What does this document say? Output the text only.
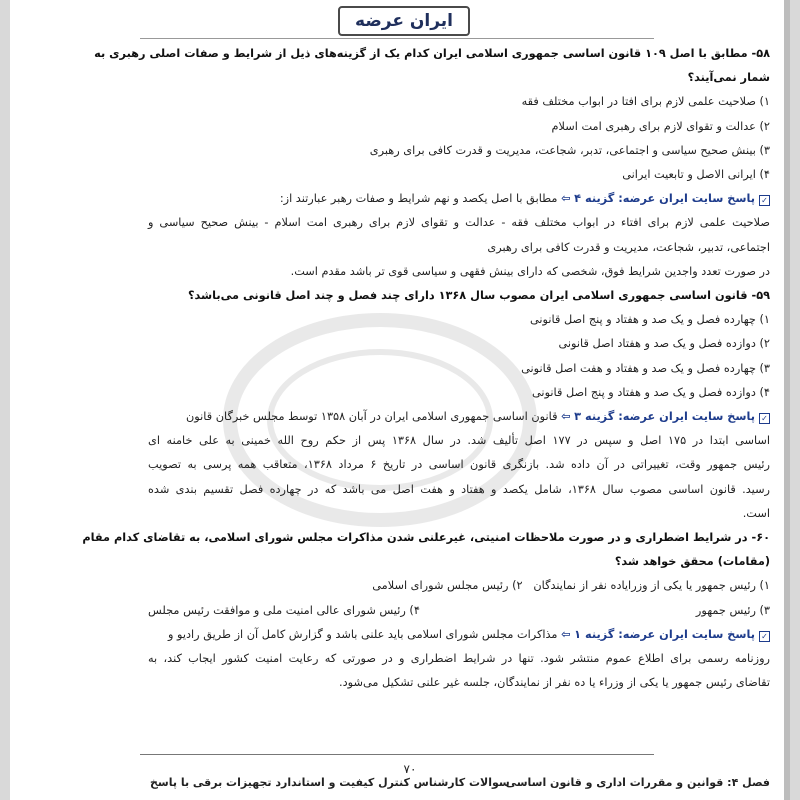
ایران عرضه
۵۸- مطابق با اصل ۱۰۹ قانون اساسی جمهوری اسلامی ایران کدام یک از گزینه‌های ذیل از شرایط و صفات اصلی رهبری به
شمار نمی‌آیند؟
۱) صلاحیت علمی لازم برای افتا در ابواب مختلف فقه
۲) عدالت و تقوای لازم برای رهبری امت اسلام
۳) بینش صحیح سیاسی و اجتماعی، تدبر، شجاعت، مدیریت و قدرت کافی برای رهبری
۴) ایرانی الاصل و تابعیت ایرانی
✓پاسخ سایت ایران عرضه: گزینه ۴ ⇦ مطابق با اصل یکصد و نهم شرایط و صفات رهبر عبارتند از:
صلاحیت علمی لازم برای افتاء در ابواب مختلف فقه - عدالت و تقوای لازم برای رهبری امت اسلام - بینش صحیح سیاسی و
اجتماعی، تدبیر، شجاعت، مدیریت و قدرت کافی برای رهبری
در صورت تعدد واجدین شرایط فوق، شخصی که دارای بینش فقهی و سیاسی قوی تر باشد مقدم است.
۵۹- قانون اساسی جمهوری اسلامی ایران مصوب سال ۱۳۶۸ دارای چند فصل و چند اصل قانونی می‌باشد؟
۱) چهارده فصل و یک صد و هفتاد و پنج اصل قانونی
۲) دوازده فصل و یک صد و هفتاد اصل قانونی
۳) چهارده فصل و یک صد و هفتاد و هفت اصل قانونی
۴) دوازده فصل و یک صد و هفتاد و پنج اصل قانونی
✓پاسخ سایت ایران عرضه: گزینه ۳ ⇦ قانون اساسی جمهوری اسلامی ایران در آبان ۱۳۵۸ توسط مجلس خبرگان قانون
اساسی ابتدا در ۱۷۵ اصل و سپس در ۱۷۷ اصل تألیف شد. در سال ۱۳۶۸ پس از حکم روح الله خمینی به علی خامنه ای
رئیس جمهور وقت، تغییراتی در آن داده شد. بازنگری قانون اساسی در تاریخ ۶ مرداد ۱۳۶۸، متعاقب همه پرسی به تصویب
رسید. قانون اساسی مصوب سال ۱۳۶۸، شامل یکصد و هفتاد و هفت اصل می باشد که در چهارده فصل تقسیم بندی شده
است.
۶۰- در شرایط اضطراری و در صورت ملاحظات امنیتی، غیرعلنی شدن مذاکرات مجلس شورای اسلامی، به تقاضای کدام مقام
(مقامات) محقق خواهد شد؟
۱) رئیس جمهور یا یکی از وزرایاده نفر از نمایندگان   ۲) رئیس مجلس شورای اسلامی
۳) رئیس جمهور
۴) رئیس شورای عالی امنیت ملی و موافقت رئیس مجلس
✓پاسخ سایت ایران عرضه: گزینه ۱ ⇦ مذاکرات مجلس شورای اسلامی باید علنی باشد و گزارش کامل آن از طریق رادیو و
روزنامه رسمی برای اطلاع عموم منتشر شود. تنها در شرایط اضطراری و در صورتی که رعایت امنیت کشور ایجاب کند، به
تقاضای رئیس جمهور یا یکی از وزراء یا ده نفر از نمایندگان، جلسه غیر علنی تشکیل می‌شود.
۷۰
سوالات کارشناس کنترل کیفیت و استاندارد تجهیزات برقی با پاسخ
فصل ۴: قوانین و مقررات اداری و قانون اساسی
